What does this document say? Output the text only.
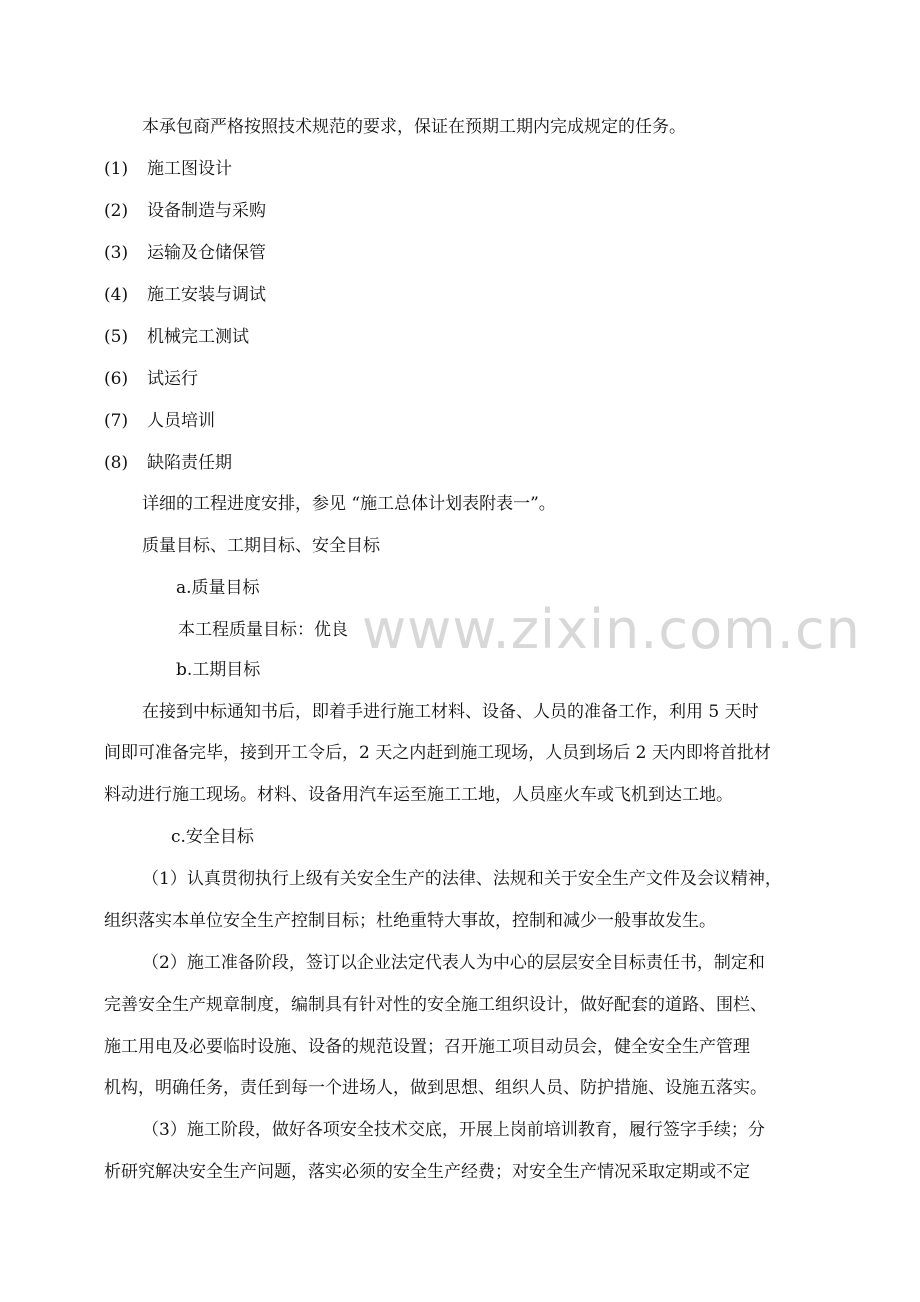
www.zixin.com.cn
本承包商严格按照技术规范的要求，保证在预期工期内完成规定的任务。
(1) 施工图设计
(2) 设备制造与采购
(3) 运输及仓储保管
(4) 施工安装与调试
(5) 机械完工测试
(6) 试运行
(7) 人员培训
(8) 缺陷责任期
详细的工程进度安排，参见 “施工总体计划表附表一”。
质量目标、工期目标、安全目标
a.质量目标
本工程质量目标：优良
b.工期目标
在接到中标通知书后，即着手进行施工材料、设备、人员的准备工作，利用 5 天时
间即可准备完毕，接到开工令后，2 天之内赶到施工现场，人员到场后 2 天内即将首批材
料动进行施工现场。材料、设备用汽车运至施工工地，人员座火车或飞机到达工地。
c.安全目标
（1）认真贯彻执行上级有关安全生产的法律、法规和关于安全生产文件及会议精神，
组织落实本单位安全生产控制目标；杜绝重特大事故，控制和减少一般事故发生。
（2）施工准备阶段，签订以企业法定代表人为中心的层层安全目标责任书，制定和
完善安全生产规章制度，编制具有针对性的安全施工组织设计，做好配套的道路、围栏、
施工用电及必要临时设施、设备的规范设置；召开施工项目动员会，健全安全生产管理
机构，明确任务，责任到每一个进场人，做到思想、组织人员、防护措施、设施五落实。
（3）施工阶段，做好各项安全技术交底，开展上岗前培训教育，履行签字手续；分
析研究解决安全生产问题，落实必须的安全生产经费；对安全生产情况采取定期或不定
